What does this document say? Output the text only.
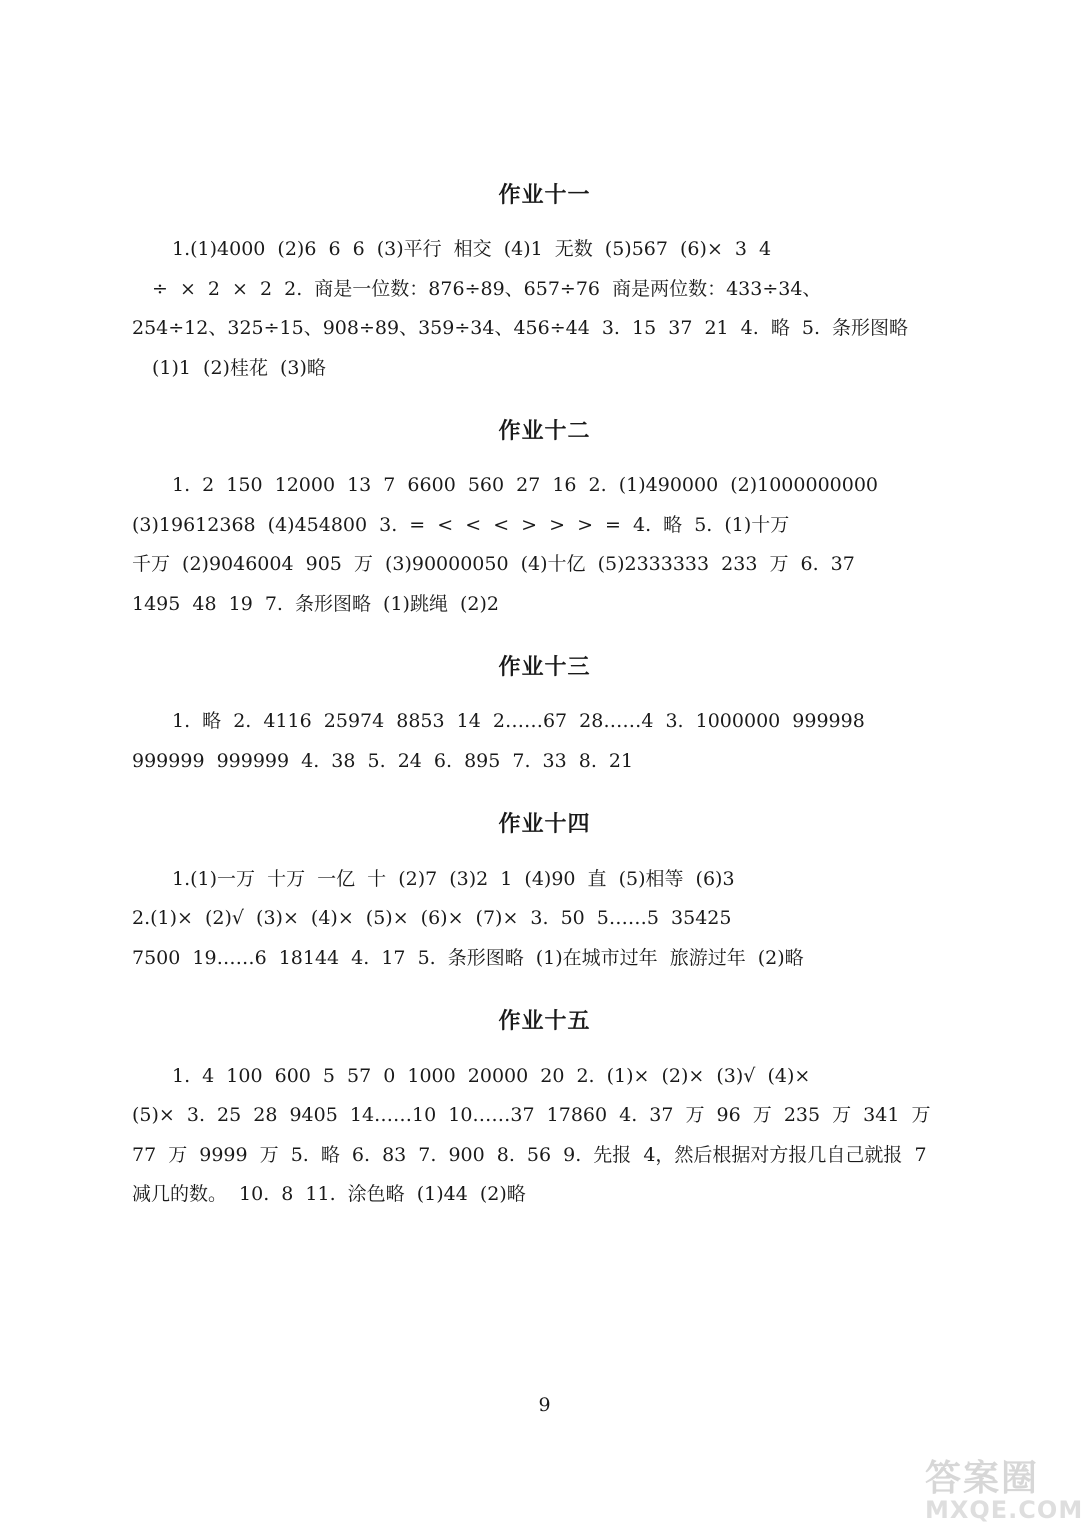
作业十一
1.(1)4000 (2)6 6 6 (3)平行 相交 (4)1 无数 (5)567 (6)× 3 4
÷ × 2 × 2 2. 商是一位数：876÷89、657÷76 商是两位数：433÷34、
254÷12、325÷15、908÷89、359÷34、456÷44 3. 15 37 21 4. 略 5. 条形图略
(1)1 (2)桂花 (3)略
作业十二
1. 2 150 12000 13 7 6600 560 27 16 2. (1)490000 (2)1000000000
(3)19612368 (4)454800 3. = < < < > > > = 4. 略 5. (1)十万
千万 (2)9046004 905 万 (3)90000050 (4)十亿 (5)2333333 233 万 6. 37
1495 48 19 7. 条形图略 (1)跳绳 (2)2
作业十三
1. 略 2. 4116 25974 8853 14 2……67 28……4 3. 1000000 999998
999999 999999 4. 38 5. 24 6. 895 7. 33 8. 21
作业十四
1.(1)一万 十万 一亿 十 (2)7 (3)2 1 (4)90 直 (5)相等 (6)3
2.(1)× (2)√ (3)× (4)× (5)× (6)× (7)× 3. 50 5……5 35425
7500 19……6 18144 4. 17 5. 条形图略 (1)在城市过年 旅游过年 (2)略
作业十五
1. 4 100 600 5 57 0 1000 20000 20 2. (1)× (2)× (3)√ (4)×
(5)× 3. 25 28 9405 14……10 10……37 17860 4. 37 万 96 万 235 万 341 万
77 万 9999 万 5. 略 6. 83 7. 900 8. 56 9. 先报 4，然后根据对方报几自己就报 7
减几的数。 10. 8 11. 涂色略 (1)44 (2)略
9
答案圈
MXQE.COM
